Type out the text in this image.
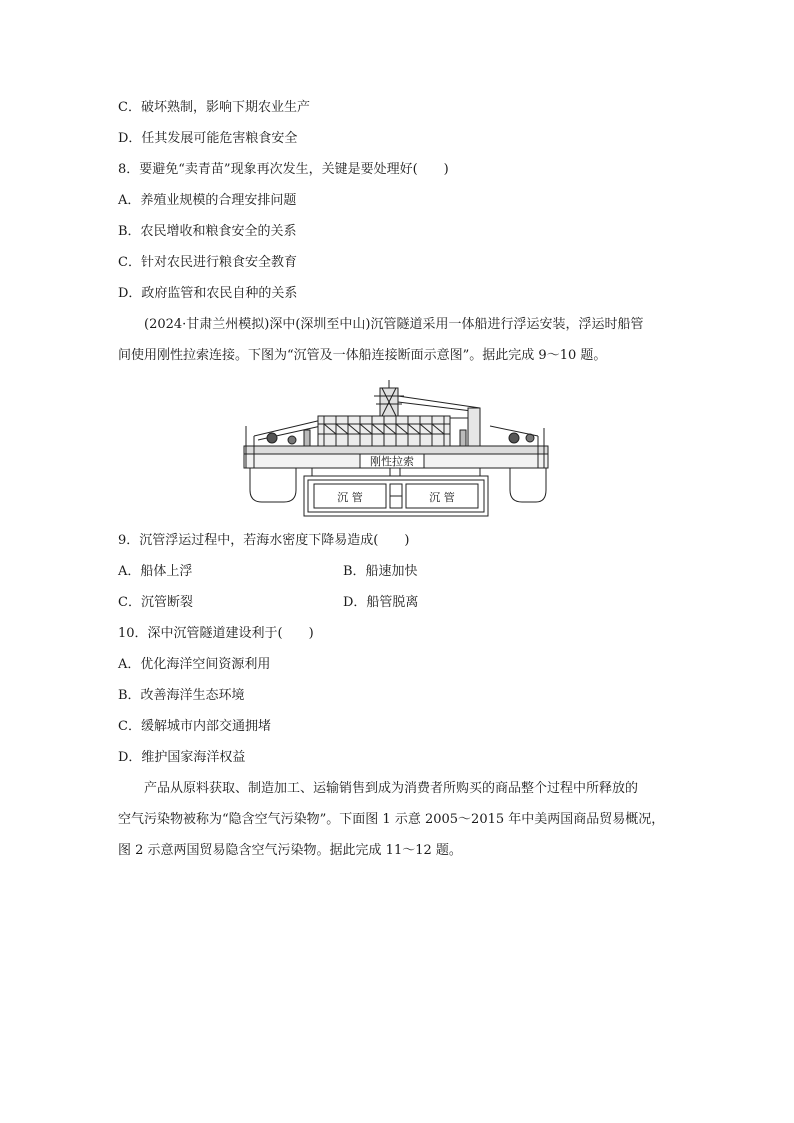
C．破坏熟制，影响下期农业生产
D．任其发展可能危害粮食安全
8．要避免“卖青苗”现象再次发生，关键是要处理好(　　)
A．养殖业规模的合理安排问题
B．农民增收和粮食安全的关系
C．针对农民进行粮食安全教育
D．政府监管和农民自种的关系
(2024·甘肃兰州模拟)深中(深圳至中山)沉管隧道采用一体船进行浮运安装，浮运时船管
间使用刚性拉索连接。下图为“沉管及一体船连接断面示意图”。据此完成 9～10 题。
刚性拉索
沉 管	沉 管
9．沉管浮运过程中，若海水密度下降易造成(　　)
A．船体上浮	B．船速加快
C．沉管断裂	D．船管脱离
10．深中沉管隧道建设利于(　　)
A．优化海洋空间资源利用
B．改善海洋生态环境
C．缓解城市内部交通拥堵
D．维护国家海洋权益
产品从原料获取、制造加工、运输销售到成为消费者所购买的商品整个过程中所释放的
空气污染物被称为“隐含空气污染物”。下面图 1 示意 2005～2015 年中美两国商品贸易概况，
图 2 示意两国贸易隐含空气污染物。据此完成 11～12 题。
